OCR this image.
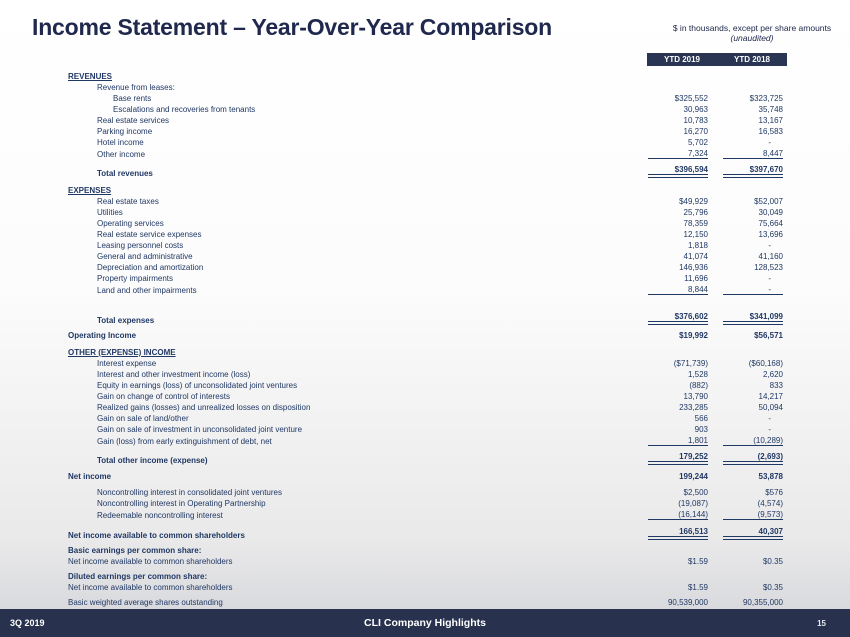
Income Statement – Year-Over-Year Comparison	$ in thousands, except per share amounts
(unaudited)
YTD 2019	YTD 2018
REVENUES
Revenue from leases:
Base rents	$325,552	$323,725
Escalations and recoveries from tenants	30,963	35,748
Real estate services	10,783	13,167
Parking income	16,270	16,583
Hotel income	5,702	-
Other income	7,324	8,447
Total revenues	$396,594	$397,670
EXPENSES
Real estate taxes	$49,929	$52,007
Utilities	25,796	30,049
Operating services	78,359	75,664
Real estate service expenses	12,150	13,696
Leasing personnel costs	1,818	-
General and administrative	41,074	41,160
Depreciation and amortization	146,936	128,523
Property impairments	11,696	-
Land and other impairments	8,844	-
Total expenses	$376,602	$341,099
Operating Income	$19,992	$56,571
OTHER (EXPENSE) INCOME
Interest expense	($71,739)	($60,168)
Interest and other investment income (loss)	1,528	2,620
Equity in earnings (loss) of unconsolidated joint ventures	(882)	833
Gain on change of control of interests	13,790	14,217
Realized gains (losses) and unrealized losses on disposition	233,285	50,094
Gain on sale of land/other	566	-
Gain on sale of investment in unconsolidated joint venture	903	-
Gain (loss) from early extinguishment of debt, net	1,801	(10,289)
Total other income (expense)	179,252	(2,693)
Net income	199,244	53,878
Noncontrolling interest in consolidated joint ventures	$2,500	$576
Noncontrolling interest in Operating Partnership	(19,087)	(4,574)
Redeemable noncontrolling interest	(16,144)	(9,573)
Net income available to common shareholders	166,513	40,307
Basic earnings per common share:
Net income available to common shareholders	$1.59	$0.35
Diluted earnings per common share:
Net income available to common shareholders	$1.59	$0.35
Basic weighted average shares outstanding	90,539,000	90,355,000
3Q 2019	CLI Company Highlights	15
